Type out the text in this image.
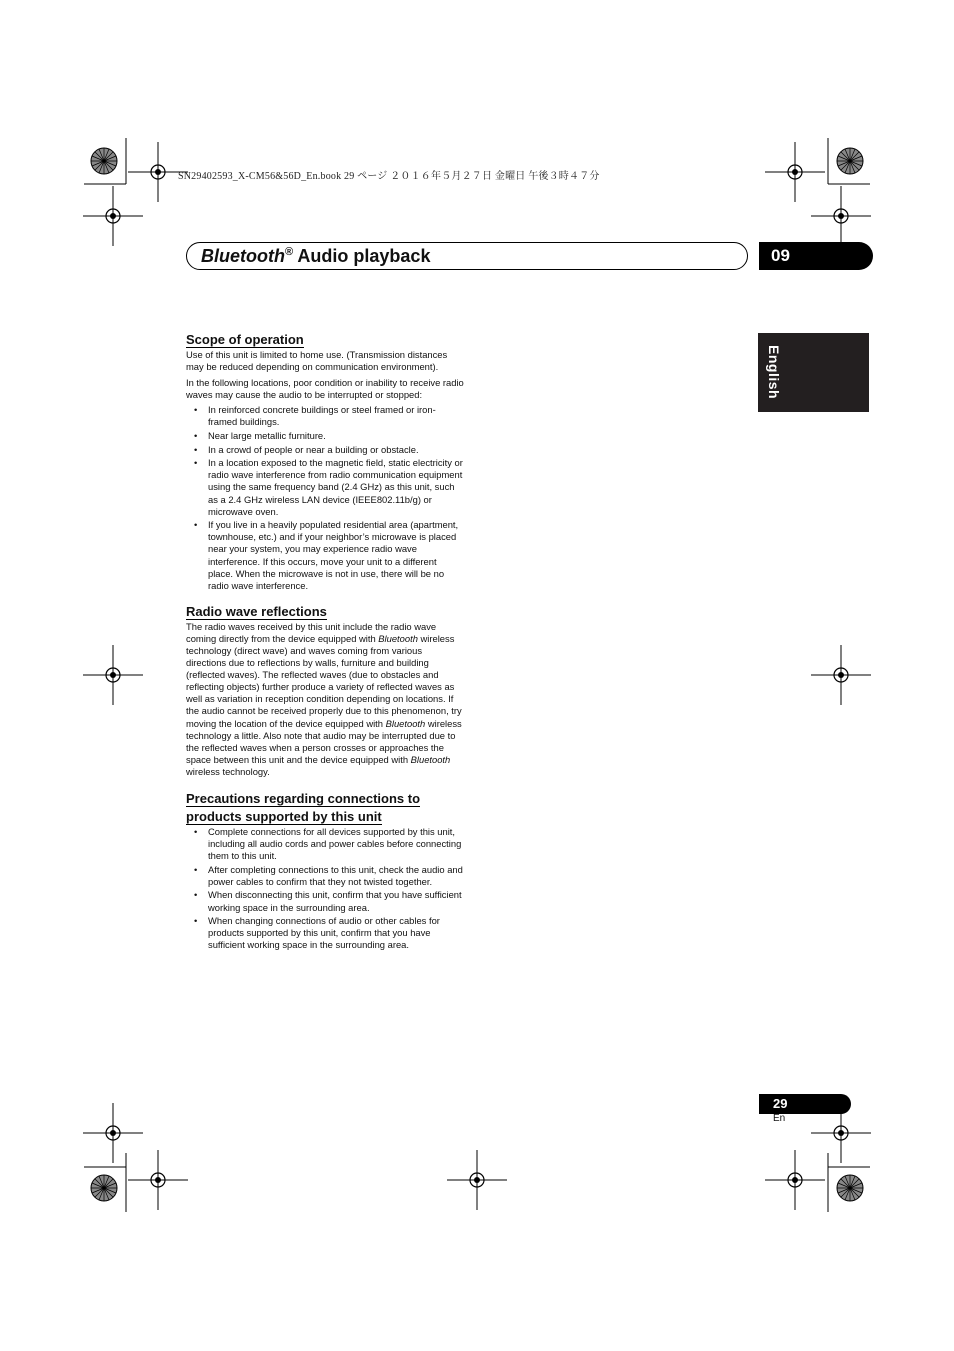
SN29402593_X-CM56&56D_En.book 29 ページ ２０１６年５月２７日 金曜日 午後３時４７分
Bluetooth® Audio playback	09
English
Scope of operation

Use of this unit is limited to home use. (Transmission distances may be reduced depending on communication environment).

In the following locations, poor condition or inability to receive radio waves may cause the audio to be interrupted or stopped:

• In reinforced concrete buildings or steel framed or iron-framed buildings.
• Near large metallic furniture.
• In a crowd of people or near a building or obstacle.
• In a location exposed to the magnetic field, static electricity or radio wave interference from radio communication equipment using the same frequency band (2.4 GHz) as this unit, such as a 2.4 GHz wireless LAN device (IEEE802.11b/g) or microwave oven.
• If you live in a heavily populated residential area (apartment, townhouse, etc.) and if your neighbor’s microwave is placed near your system, you may experience radio wave interference. If this occurs, move your unit to a different place. When the microwave is not in use, there will be no radio wave interference.
Radio wave reflections

The radio waves received by this unit include the radio wave coming directly from the device equipped with Bluetooth wireless technology (direct wave) and waves coming from various directions due to reflections by walls, furniture and building (reflected waves). The reflected waves (due to obstacles and reflecting objects) further produce a variety of reflected waves as well as variation in reception condition depending on locations. If the audio cannot be received properly due to this phenomenon, try moving the location of the device equipped with Bluetooth wireless technology a little. Also note that audio may be interrupted due to the reflected waves when a person crosses or approaches the space between this unit and the device equipped with Bluetooth wireless technology.

Precautions regarding connections to
products supported by this unit
• Complete connections for all devices supported by this unit, including all audio cords and power cables before connecting them to this unit.
• After completing connections to this unit, check the audio and power cables to confirm that they not twisted together.
• When disconnecting this unit, confirm that you have sufficient working space in the surrounding area.
• When changing connections of audio or other cables for products supported by this unit, confirm that you have sufficient working space in the surrounding area.
29
En
